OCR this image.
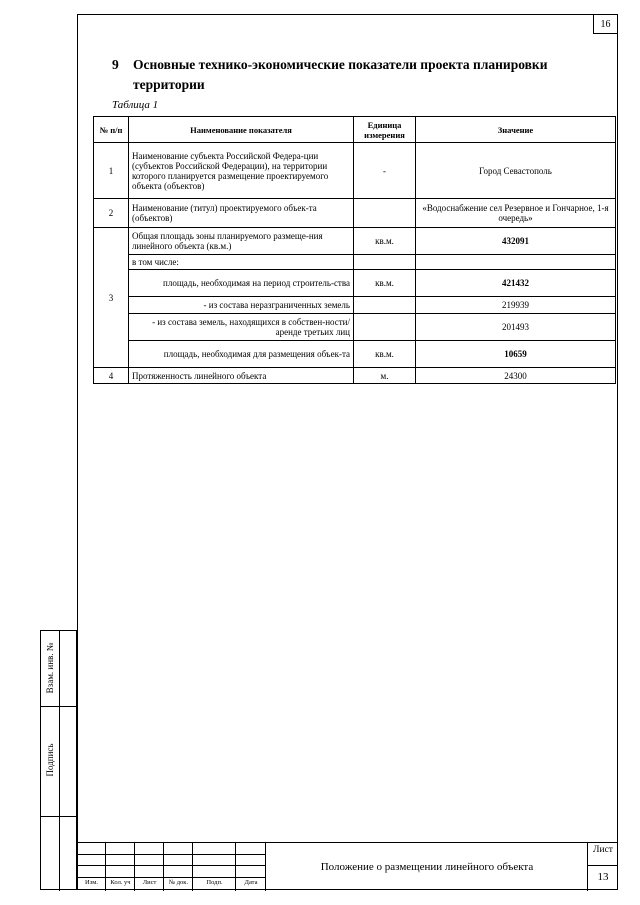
16
9 Основные технико-экономические показатели проекта планировки территории
Таблица 1
№ п/п	Наименование показателя	Единица измерения	Значение
1	Наименование субъекта Российской Федера-ции (субъектов Российской Федерации), на территории которого планируется размещение проектируемого объекта (объектов)	-	Город Севастополь
2	Наименование (титул) проектируемого объек-та (объектов)		«Водоснабжение сел Резервное и Гончарное, 1-я очередь»
3	Общая площадь зоны планируемого размеще-ния линейного объекта (кв.м.)	кв.м.	432091
	в том числе:		
	площадь, необходимая на период строитель-ства	кв.м.	421432
	- из состава неразграниченных земель		219939
	- из состава земель, находящихся в собствен-ности/аренде третьих лиц		201493
	площадь, необходимая для размещения объек-та	кв.м.	10659
4	Протяженность линейного объекта	м.	24300
Взам. инв. №
Подпись
Изм.	Кол. уч	Лист	№ док.	Подп.	Дата
Положение о размещении линейного объекта
Лист
13
